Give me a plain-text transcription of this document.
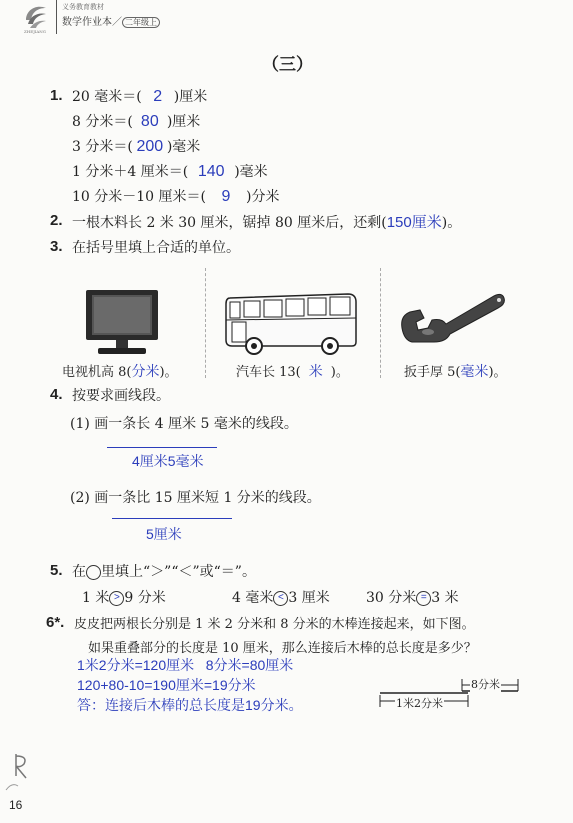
ZHEJIANG
义务教育教材
数学作业本／ 二年级上
（三）
1. 20 毫米＝( 2 )厘米
8 分米＝( 80 )厘米
3 分米＝( 200 )毫米
1 分米＋4 厘米＝( 140 )毫米
10 分米－10 厘米＝( 9 )分米
2. 一根木料长 2 米 30 厘米，锯掉 80 厘米后，还剩(150厘米)。
3. 在括号里填上合适的单位。
电视机高 8(分米)。	汽车长 13( 米 )。	扳手厚 5(毫米)。
4. 按要求画线段。
(1) 画一条长 4 厘米 5 毫米的线段。
4厘米5毫米
(2) 画一条比 15 厘米短 1 分米的线段。
5厘米
5. 在 里填上“＞”“＜”或“＝”。
1 米 > 9 分米	4 毫米 < 3 厘米	30 分米 = 3 米
6*. 皮皮把两根长分别是 1 米 2 分米和 8 分米的木棒连接起来，如下图。
如果重叠部分的长度是 10 厘米，那么连接后木棒的总长度是多少？
1米2分米=120厘米   8分米=80厘米
120+80-10=190厘米=19分米
答：连接后木棒的总长度是19分米。
8分米
1米2分米
16
